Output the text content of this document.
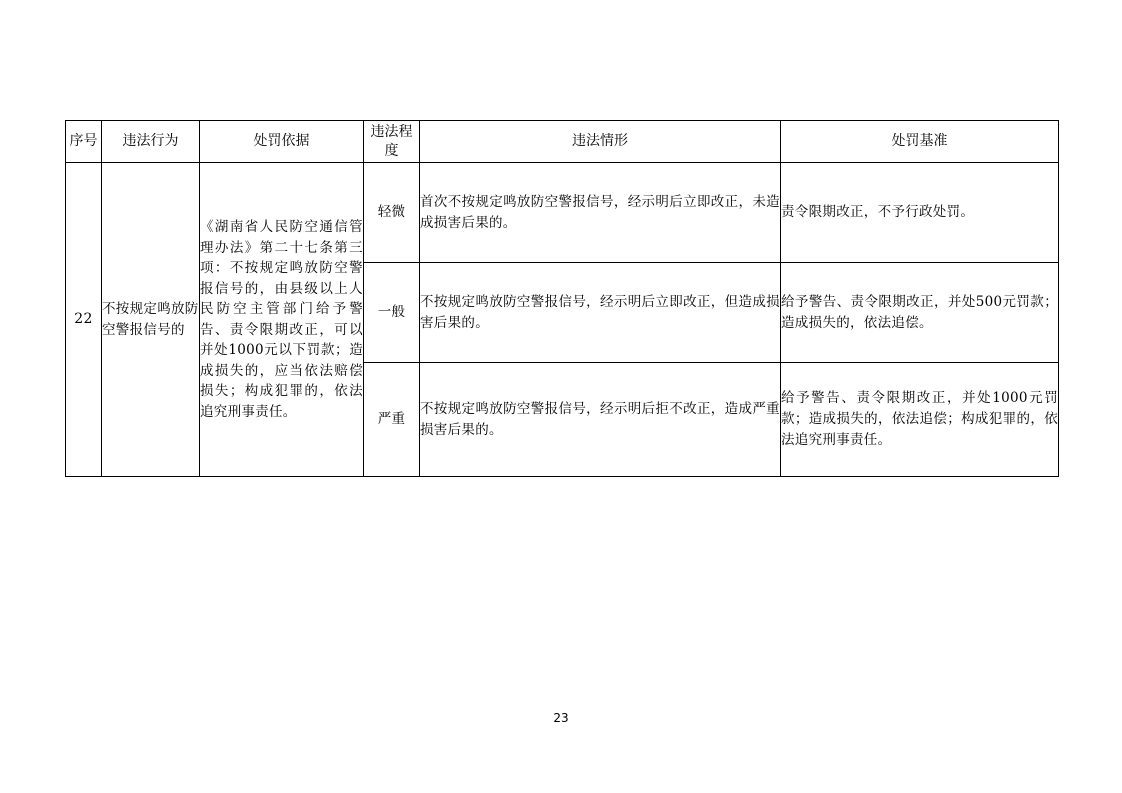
序号	违法行为	处罚依据	违法程度	违法情形	处罚基准
22	不按规定鸣放防空警报信号的	《湖南省人民防空通信管理办法》第二十七条第三项：不按规定鸣放防空警报信号的，由县级以上人民防空主管部门给予警告、责令限期改正，可以并处1000元以下罚款；造成损失的，应当依法赔偿损失；构成犯罪的，依法追究刑事责任。	轻微	首次不按规定鸣放防空警报信号，经示明后立即改正，未造成损害后果的。	责令限期改正，不予行政处罚。
			一般	不按规定鸣放防空警报信号，经示明后立即改正，但造成损害后果的。	给予警告、责令限期改正，并处500元罚款；造成损失的，依法追偿。
			严重	不按规定鸣放防空警报信号，经示明后拒不改正，造成严重损害后果的。	给予警告、责令限期改正，并处1000元罚款；造成损失的，依法追偿；构成犯罪的，依法追究刑事责任。
23
